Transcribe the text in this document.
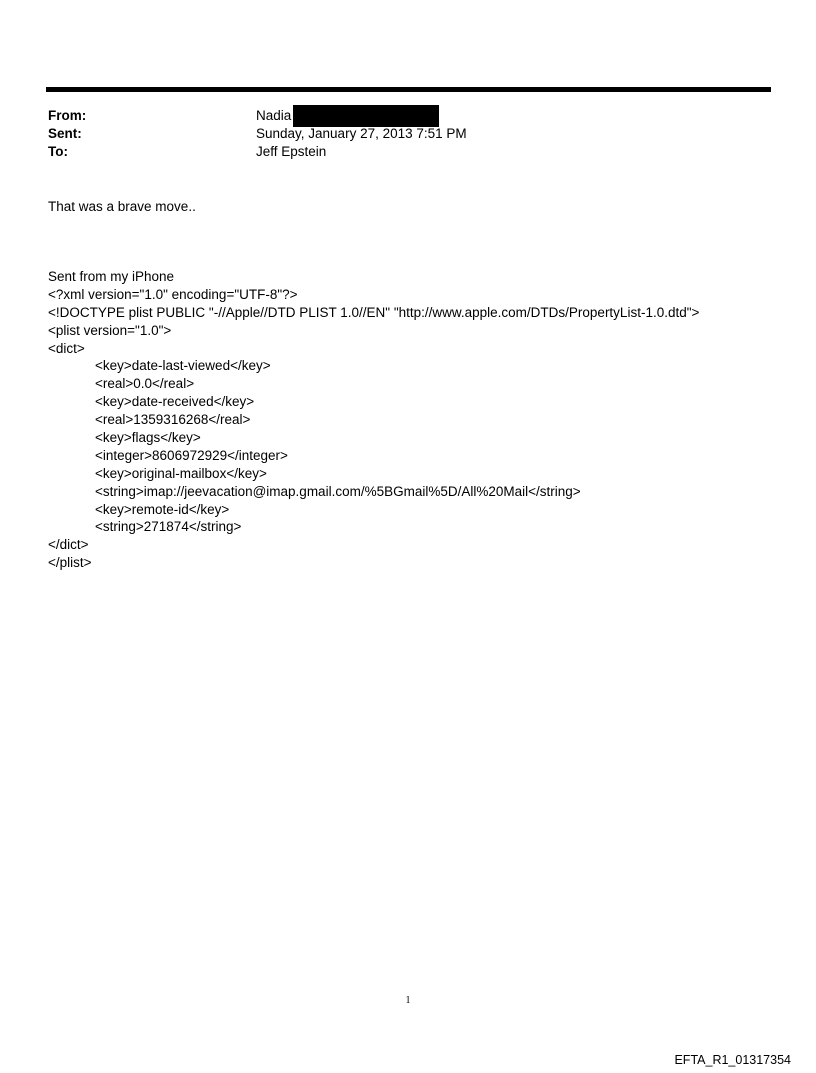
From:	Nadia
Sent:	Sunday, January 27, 2013 7:51 PM
To:	Jeff Epstein
That was a brave move..
Sent from my iPhone
<?xml version="1.0" encoding="UTF-8"?>
<!DOCTYPE plist PUBLIC "-//Apple//DTD PLIST 1.0//EN" "http://www.apple.com/DTDs/PropertyList-1.0.dtd">
<plist version="1.0">
<dict>
<key>date-last-viewed</key>
<real>0.0</real>
<key>date-received</key>
<real>1359316268</real>
<key>flags</key>
<integer>8606972929</integer>
<key>original-mailbox</key>
<string>imap://jeevacation@imap.gmail.com/%5BGmail%5D/All%20Mail</string>
<key>remote-id</key>
<string>271874</string>
</dict>
</plist>
1
EFTA_R1_01317354
